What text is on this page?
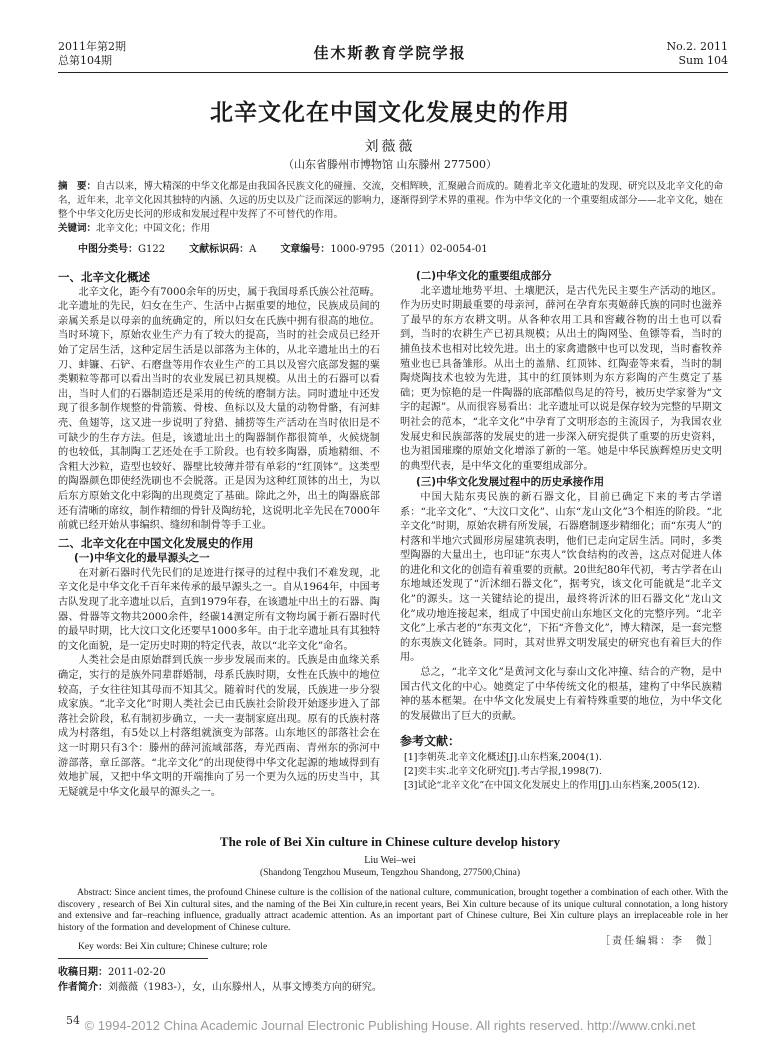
2011年第2期
总第104期	佳木斯教育学院学报	No.2. 2011
Sum 104
北辛文化在中国文化发展史的作用
刘薇薇
（山东省滕州市博物馆 山东滕州 277500）
摘　要：自古以来，博大精深的中华文化都是由我国各民族文化的碰撞、交流，交相辉映，汇聚融合而成的。随着北辛文化遗址的发现、研究以及北辛文化的命名，近年来，北辛文化因其独特的内涵、久远的历史以及广泛而深远的影响力，逐渐得到学术界的重视。作为中华文化的一个重要组成部分——北辛文化，她在整个中华文化历史长河的形成和发展过程中发挥了不可替代的作用。
关键词：北辛文化；中国文化；作用
中图分类号：G122 文献标识码：A 文章编号：1000-9795（2011）02-0054-01
一、北辛文化概述

北辛文化，距今有7000余年的历史，属于我国母系氏族公社范畴。北辛遗址的先民，妇女在生产、生活中占据重要的地位，民族成员间的亲属关系是以母亲的血统确定的，所以妇女在氏族中拥有很高的地位。当时环境下，原始农业生产力有了较大的提高，当时的社会成员已经开始了定居生活，这种定居生活是以部落为主体的，从北辛遗址出土的石刀、蚌镰、石铲、石磨盘等用作农业生产的工具以及窖穴底部发掘的粟类颗粒等都可以看出当时的农业发展已初具规模。从出土的石器可以看出，当时人们的石器制造还是采用的传统的磨制方法。同时遗址中还发现了很多制作规整的骨箭簇、骨梭、鱼标以及大量的动物骨骼，有河蚌壳、鱼翅等，这又进一步说明了狩猎、捕捞等生产活动在当时依旧是不可缺少的生存方法。但是，该遗址出土的陶器制作都很简单，火候烧制的也较低，其制陶工艺还处在手工阶段。也有较多陶器，质地精细、不含粗大沙粒，造型也较好、器壁比较薄并带有单彩的“红顶钵”。这类型的陶器颜色即使经洗刷也不会脱落。正是因为这种红顶钵的出土，为以后东方原始文化中彩陶的出现奠定了基础。除此之外，出土的陶器底部还有清晰的席纹，制作精细的骨针及陶纺轮，这说明北辛先民在7000年前就已经开始从事编织、缝纫和制骨等手工业。

二、北辛文化在中国文化发展史的作用
(一)中华文化的最早源头之一

在对新石器时代先民们的足迹进行探寻的过程中我们不难发现，北辛文化是中华文化千百年来传承的最早源头之一。自从1964年，中国考古队发现了北辛遗址以后，直到1979年春，在该遗址中出土的石器、陶器、骨器等文物共2000余件，经碳14测定所有文物均属于新石器时代的最早时期，比大汶口文化还要早1000多年。由于北辛遗址具有其独特的文化面貌，是一定历史时期的特定代表，故以“北辛文化”命名。

人类社会是由原始群到氏族一步步发展而来的。氏族是由血缘关系确定，实行的是族外同辈群婚制，母系氏族时期，女性在氏族中的地位较高，子女往往知其母而不知其父。随着时代的发展，氏族进一步分裂成家族。“北辛文化”时期人类社会已由氏族社会阶段开始逐步进入了部落社会阶段，私有制初步确立，一夫一妻制家庭出现。原有的氏族村落成为村落组，有5处以上村落组就演变为部落。山东地区的部落社会在这一时期只有3个：滕州的薛河流域部落，寿光西南、青州东的弥河中游部落，章丘部落。“北辛文化”的出现使得中华文化起源的地域得到有效地扩展，又把中华文明的开端推向了另一个更为久远的历史当中，其无疑就是中华文化最早的源头之一。

(二)中华文化的重要组成部分

北辛遗址地势平坦、土壤肥沃，是古代先民主要生产活动的地区。作为历史时期最重要的母亲河，薛河在孕育东夷姬薛氏族的同时也滋养了最早的东方农耕文明。从各种农用工具和窖藏谷物的出土也可以看到，当时的农耕生产已初具规模；从出土的陶网坠、鱼镖等看，当时的捕鱼技术也相对比较先进。出土的家禽遗骸中也可以发现，当时畜牧养殖业也已具备雏形。从出土的盖鼎、红顶钵、红陶壶等来看，当时的制陶烧陶技术也较为先进，其中的红顶钵则为东方彩陶的产生奠定了基础；更为惊艳的是一件陶器的底部酷似鸟足的符号，被历史学家誉为“文字的起源”。从而很容易看出：北辛遗址可以说是保存较为完整的早期文明社会的范本，“北辛文化”中孕育了文明形态的主流因子，为我国农业发展史和民族部落的发展史的进一步深入研究提供了重要的历史资料，也为祖国璀璨的原始文化增添了新的一笔。她是中华民族辉煌历史文明的典型代表，是中华文化的重要组成部分。

(三)中华文化发展过程中的历史承接作用

中国大陆东夷民族的新石器文化，目前已确定下来的考古学谱系：“北辛文化”、“大汶口文化”、山东“龙山文化”3个相连的阶段。“北辛文化”时期，原始农耕有所发展，石器磨制逐步精细化；而“东夷人”的村落和半地穴式圆形房屋建筑表明，他们已走向定居生活。同时，多类型陶器的大量出土，也印证“东夷人”饮食结构的改善，这点对促进人体的进化和文化的创造有着重要的贡献。20世纪80年代初，考古学者在山东地域还发现了“沂沭细石器文化”，据考究，该文化可能就是“北辛文化”的源头。这一关键结论的提出，最终将沂沭的旧石器文化“龙山文化”成功地连接起来，组成了中国史前山东地区文化的完整序列。“北辛文化”上承古老的“东夷文化”，下拓“齐鲁文化”，博大精深，是一套完整的东夷族文化链条。同时，其对世界文明发展史的研究也有着巨大的作用。

总之，“北辛文化”是黄河文化与泰山文化冲撞、结合的产物，是中国古代文化的中心。她奠定了中华传统文化的根基，建构了中华民族精神的基本框架。在中华文化发展史上有着特殊重要的地位，为中华文化的发展做出了巨大的贡献。

参考文献：

[1]李朝英.北辛文化概述[J].山东档案,2004(1).

[2]奕丰实.北辛文化研究[J].考古学报,1998(7).

[3]试论“北辛文化”在中国文化发展史上的作用[J].山东档案,2005(12).

The role of Bei Xin culture in Chinese culture develop history
Liu Wei–wei
(Shandong Tengzhou Museum, Tengzhou Shandong, 277500,China)
Abstract: Since ancient times, the profound Chinese culture is the collision of the national culture, communication, brought together a combination of each other. With the discovery , research of Bei Xin cultural sites, and the naming of the Bei Xin culture,in recent years, Bei Xin culture because of its unique cultural connotation, a long history and extensive and far–reaching influence, gradually attract academic attention. As an important part of Chinese culture, Bei Xin culture plays an irreplaceable role in her history of the formation and development of Chinese culture.
Key words: Bei Xin culture; Chinese culture; role	［责任编辑：李　微］
收稿日期：2011-02-20
作者简介：刘薇薇（1983-），女，山东滕州人，从事文博类方向的研究。
54 © 1994-2012 China Academic Journal Electronic Publishing House. All rights reserved. http://www.cnki.net
